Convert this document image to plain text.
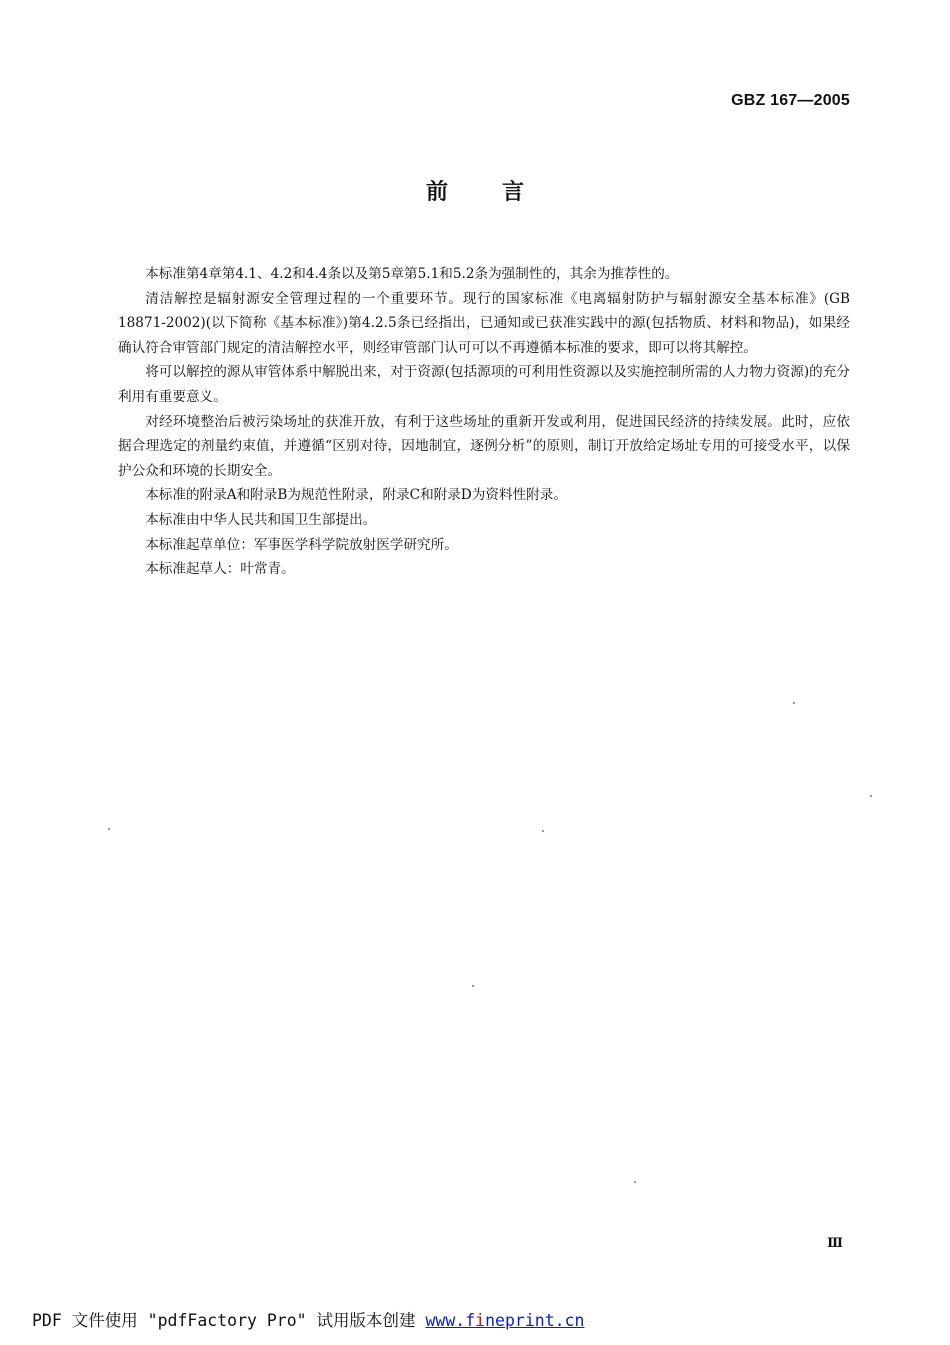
GBZ 167—2005
前言

本标准第4章第4.1、4.2和4.4条以及第5章第5.1和5.2条为强制性的，其余为推荐性的。

清洁解控是辐射源安全管理过程的一个重要环节。现行的国家标准《电离辐射防护与辐射源安全基本标准》(GB 18871-2002)(以下简称《基本标准》)第4.2.5条已经指出，已通知或已获准实践中的源(包括物质、材料和物品)，如果经确认符合审管部门规定的清洁解控水平，则经审管部门认可可以不再遵循本标准的要求，即可以将其解控。

将可以解控的源从审管体系中解脱出来，对于资源(包括源项的可利用性资源以及实施控制所需的人力物力资源)的充分利用有重要意义。

对经环境整治后被污染场址的获准开放，有利于这些场址的重新开发或利用，促进国民经济的持续发展。此时，应依据合理选定的剂量约束值，并遵循“区别对待，因地制宜，逐例分析”的原则，制订开放给定场址专用的可接受水平，以保护公众和环境的长期安全。

本标准的附录A和附录B为规范性附录，附录C和附录D为资料性附录。

本标准由中华人民共和国卫生部提出。

本标准起草单位：军事医学科学院放射医学研究所。

本标准起草人：叶常青。

Ⅲ
PDF 文件使用 "pdfFactory Pro" 试用版本创建 www.fineprint.cn
